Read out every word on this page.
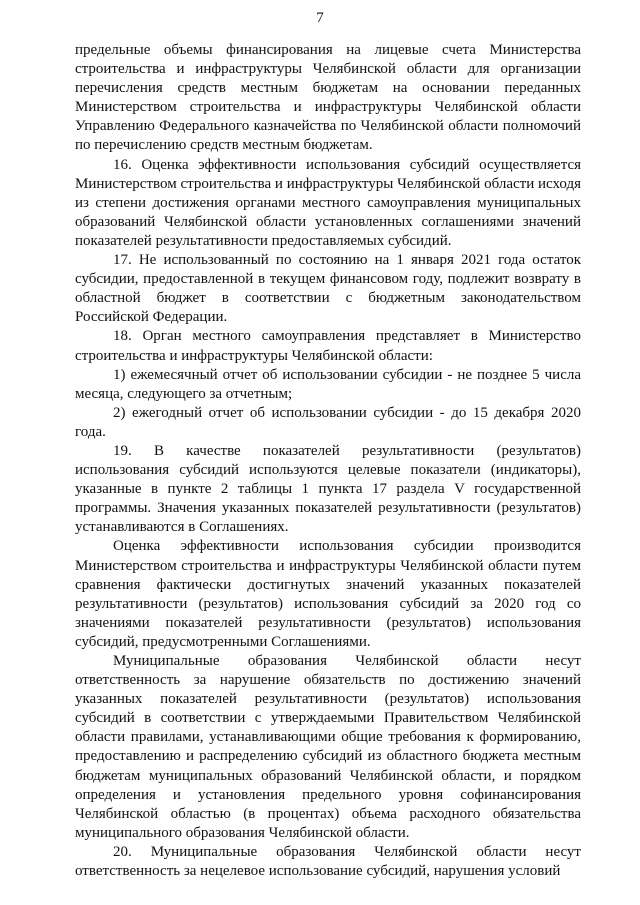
7

предельные объемы финансирования на лицевые счета Министерства строительства и инфраструктуры Челябинской области для организации перечисления средств местным бюджетам на основании переданных Министерством строительства и инфраструктуры Челябинской области Управлению Федерального казначейства по Челябинской области полномочий по перечислению средств местным бюджетам.

16. Оценка эффективности использования субсидий осуществляется Министерством строительства и инфраструктуры Челябинской области исходя из степени достижения органами местного самоуправления муниципальных образований Челябинской области установленных соглашениями значений показателей результативности предоставляемых субсидий.

17. Не использованный по состоянию на 1 января 2021 года остаток субсидии, предоставленной в текущем финансовом году, подлежит возврату в областной бюджет в соответствии с бюджетным законодательством Российской Федерации.

18. Орган местного самоуправления представляет в Министерство строительства и инфраструктуры Челябинской области:

1) ежемесячный отчет об использовании субсидии - не позднее 5 числа месяца, следующего за отчетным;

2) ежегодный отчет об использовании субсидии - до 15 декабря 2020 года.

19. В качестве показателей результативности (результатов) использования субсидий используются целевые показатели (индикаторы), указанные в пункте 2 таблицы 1 пункта 17 раздела V государственной программы. Значения указанных показателей результативности (результатов) устанавливаются в Соглашениях.

Оценка эффективности использования субсидии производится Министерством строительства и инфраструктуры Челябинской области путем сравнения фактически достигнутых значений указанных показателей результативности (результатов) использования субсидий за 2020 год со значениями показателей результативности (результатов) использования субсидий, предусмотренными Соглашениями.

Муниципальные образования Челябинской области несут ответственность за нарушение обязательств по достижению значений указанных показателей результативности (результатов) использования субсидий в соответствии с утверждаемыми Правительством Челябинской области правилами, устанавливающими общие требования к формированию, предоставлению и распределению субсидий из областного бюджета местным бюджетам муниципальных образований Челябинской области, и порядком определения и установления предельного уровня софинансирования Челябинской областью (в процентах) объема расходного обязательства муниципального образования Челябинской области.

20. Муниципальные образования Челябинской области несут ответственность за нецелевое использование субсидий, нарушения условий
